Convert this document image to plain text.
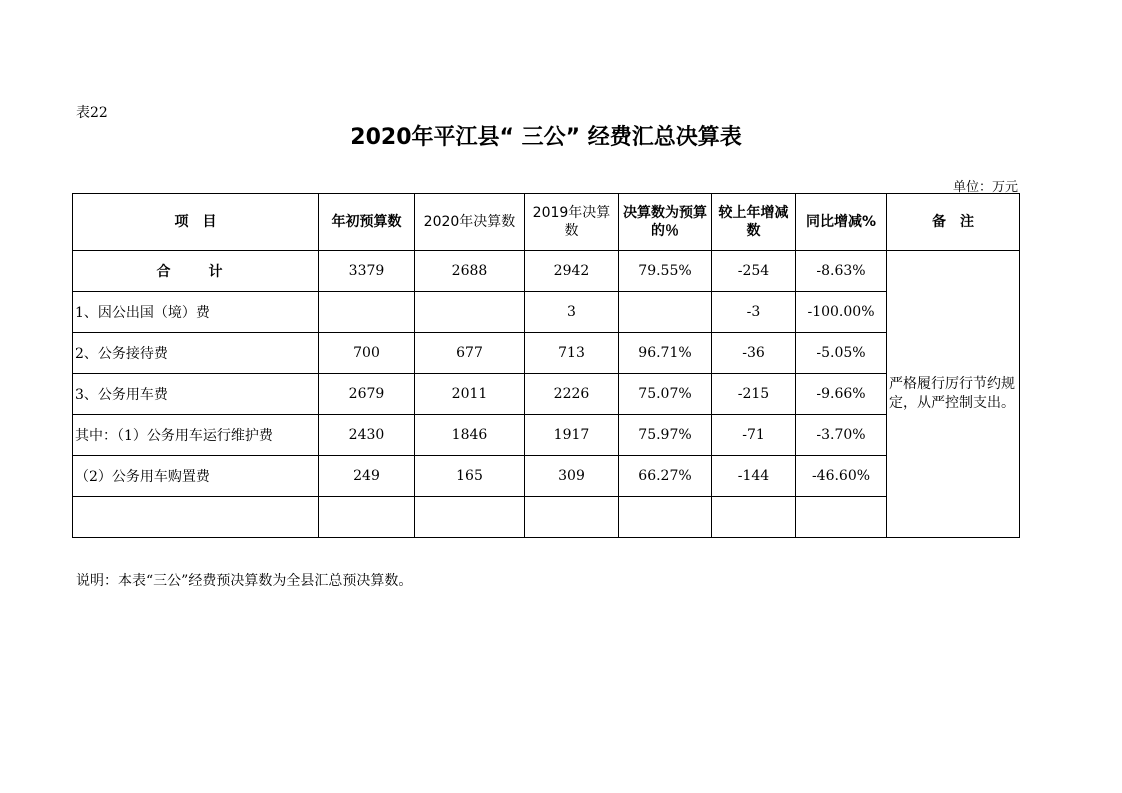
表22
2020年平江县“ 三公” 经费汇总决算表
单位：万元
项　目	年初预算数	2020年决算数	2019年决算数	决算数为预算的％	较上年增减数	同比增减%	备　注
合　计	3379	2688	2942	79.55%	-254	-8.63%	严格履行厉行节约规定，从严控制支出。
1、因公出国（境）费			3		-3	-100.00%	
2、公务接待费	700	677	713	96.71%	-36	-5.05%	
3、公务用车费	2679	2011	2226	75.07%	-215	-9.66%	
其中：（1）公务用车运行维护费	2430	1846	1917	75.97%	-71	-3.70%	
（2）公务用车购置费	249	165	309	66.27%	-144	-46.60%	

说明：本表“三公”经费预决算数为全县汇总预决算数。
